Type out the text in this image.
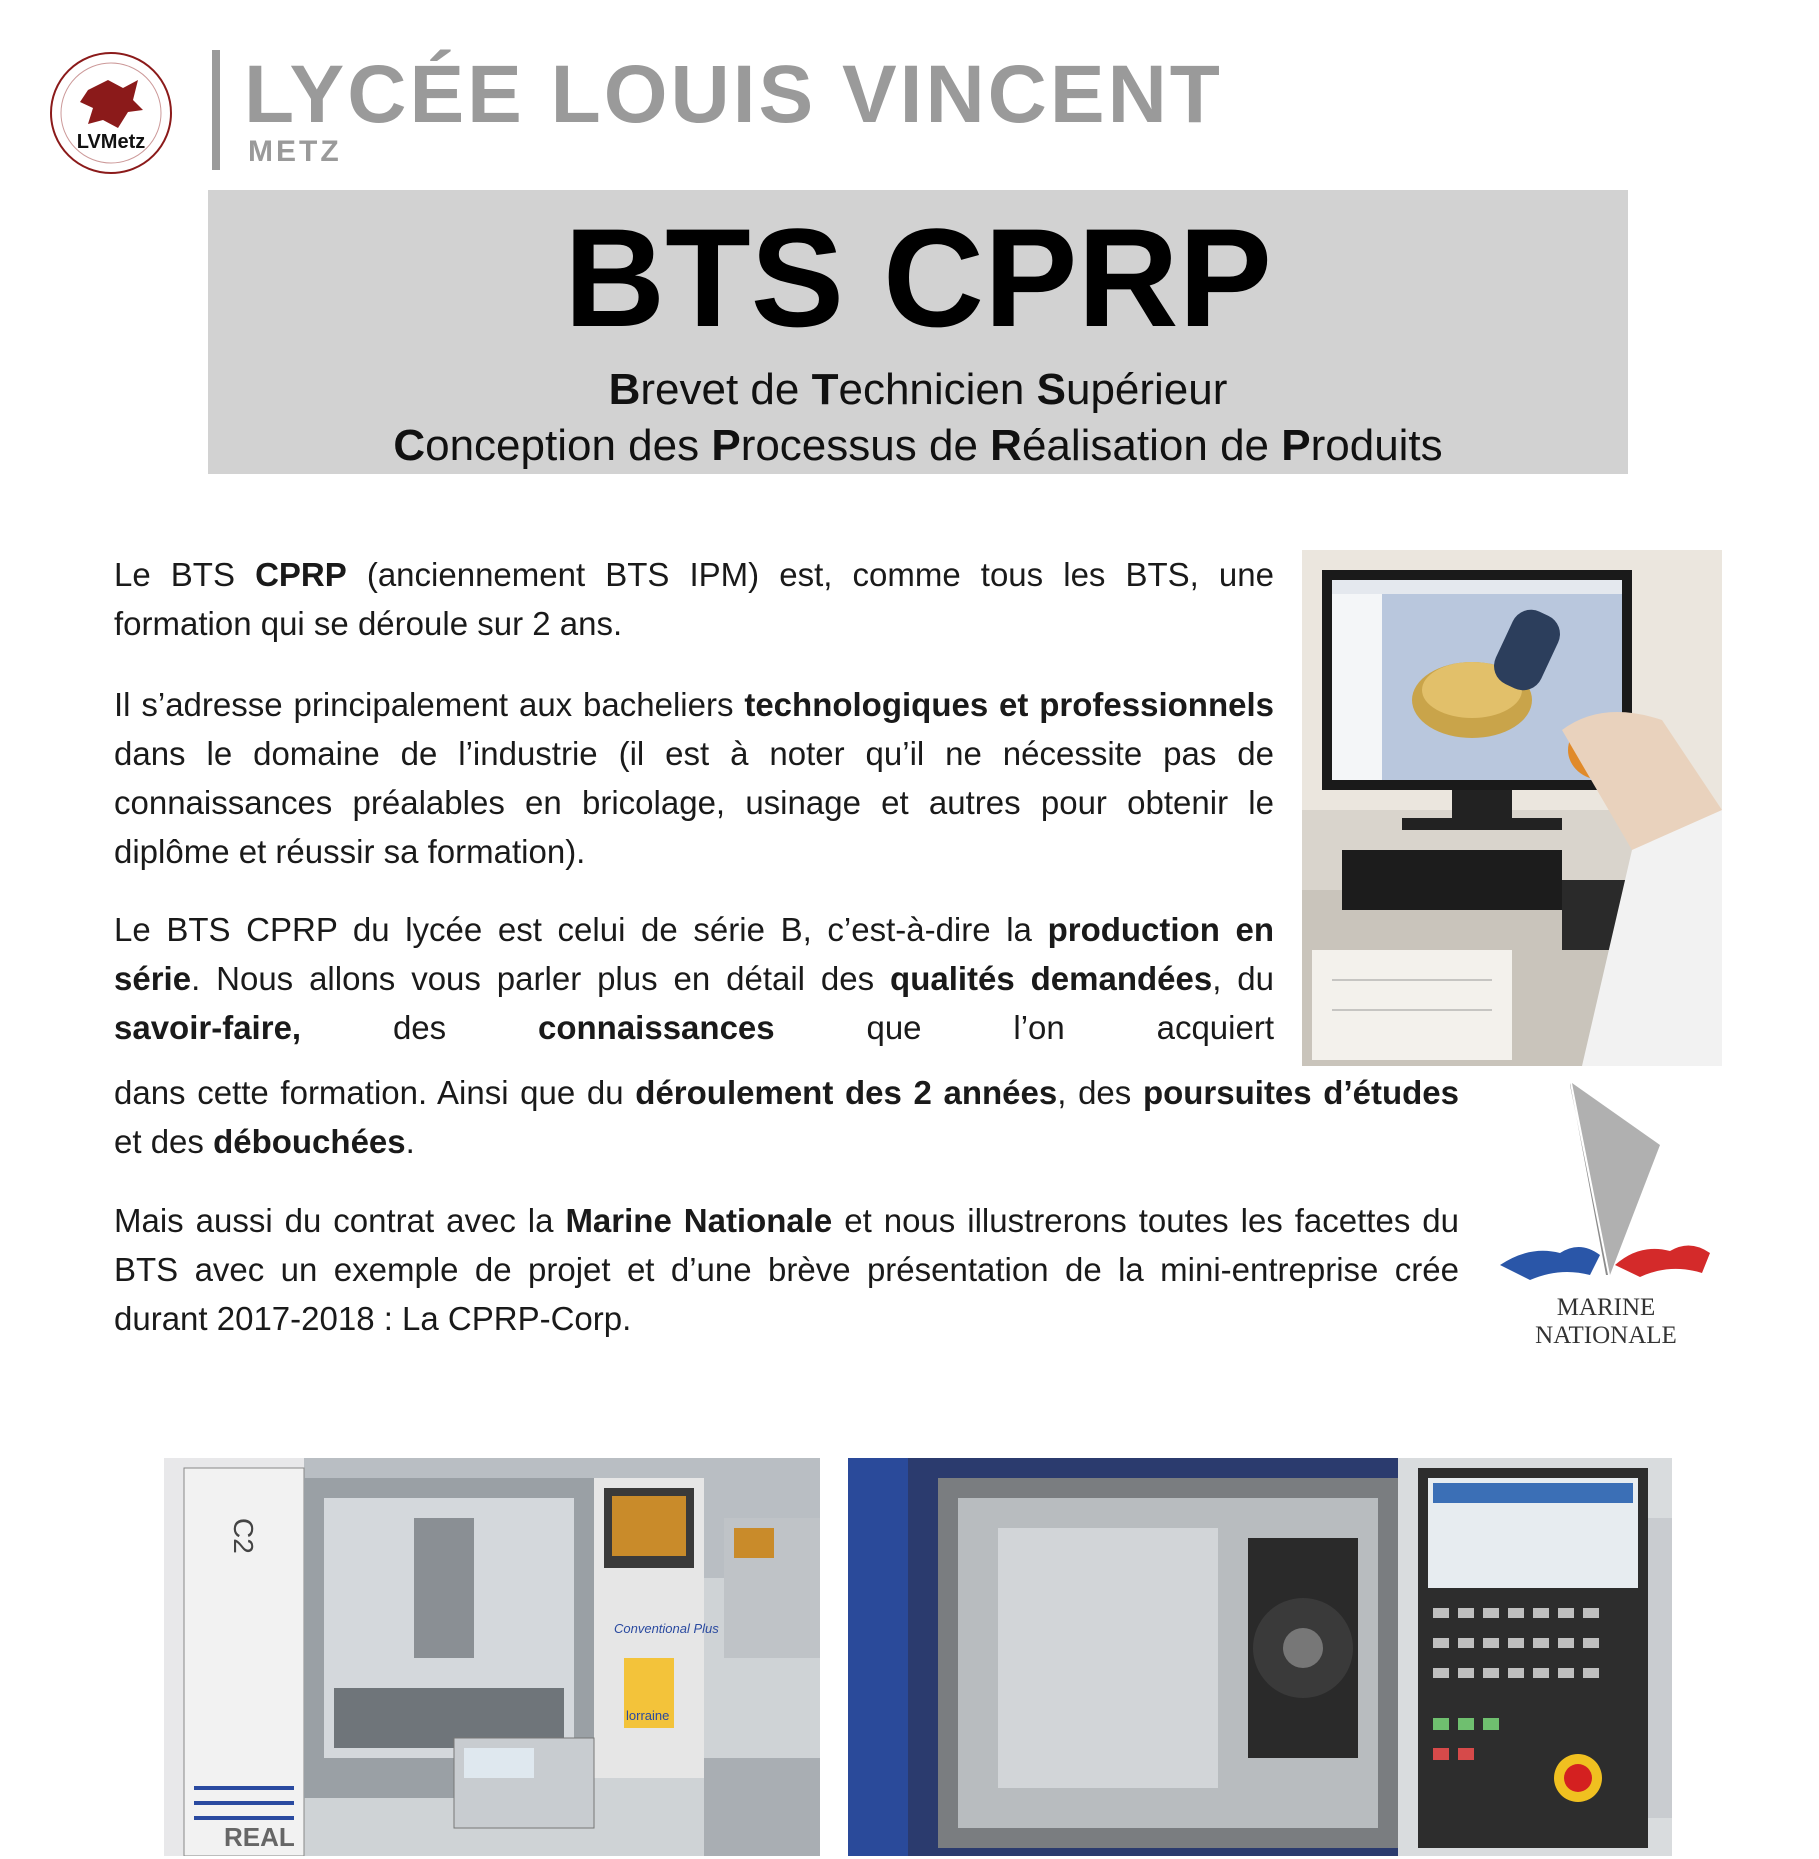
LVMetz
LYCÉE LOUIS VINCENT
METZ
BTS CPRP
Brevet de Technicien Supérieur
Conception des Processus de Réalisation de Produits

Le BTS CPRP (anciennement BTS IPM) est, comme tous les BTS, une formation qui se déroule sur 2 ans.

Il s’adresse principalement aux bacheliers technologiques et professionnels dans le domaine de l’industrie (il est à noter qu’il ne nécessite pas de connaissances préalables en bricolage, usinage et autres pour obtenir le diplôme et réussir sa formation).

Le BTS CPRP du lycée est celui de série B, c’est-à-dire la production en série. Nous allons vous parler plus en détail des qualités demandées, du savoir-faire, des connaissances que l’on acquiert

dans cette formation. Ainsi que du déroulement des 2 années, des poursuites d’études et des débouchées.

Mais aussi du contrat avec la Marine Nationale et nous illustrerons toutes les facettes du BTS avec un exemple de projet et d’une brève présentation de la mini-entreprise crée durant 2017-2018 : La CPRP-Corp.	MARINE
NATIONALE
C2
REAL
Conventional Plus
lorraine
